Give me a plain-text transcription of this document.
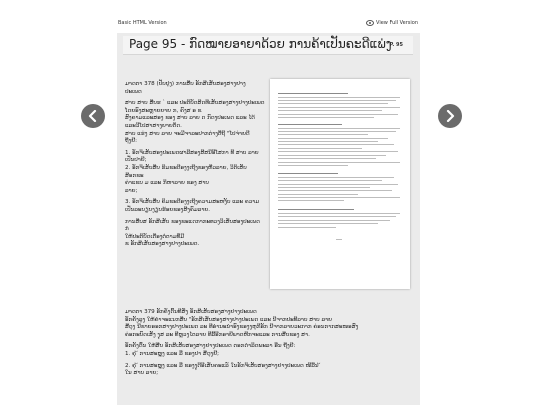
Basic HTML Version	View Full Version
Page 95 - ກົດໝາຍອາຍາດ້ວຍ ການຄ້າເປັນຄະດີແພ່ງ
P. 95

ມາດຕາ 378 (ປັບປຸງ) ການສືບ ອັກສີເສັບສອງສາງຢາງ

ປະເພດ

ສາບ ສາບ ສືບຮ ` ແລະ ປະຕິບັດສິດທີເສັບສອງສາງຢາງປະເພດ

ໂດຍອົງສະຫຼາຍຍາຍ ກ, ຄົງສ ອ ຂ

ສົງຄາມແລະສອງ ຂອງ ສາບ ລາຍ ດ ກົດງປະເພດ ແລະ ໄດ້

ແລະວີໂປສາສາງຍາຍຕຶດ.

ສາບ ແຮ່ງ ສາບ ລາຍ ຈະມີຈາລະປາກຕ່າງຕືຖີ "ໂປຈ່າຍດີ

ຖືງຢີ:

1. ອັກຈິເສັບສອງປະເພດຜາລີສອງສີສນີອີໂສກາ ທີ ສາບ ລາຍ

ເປັນປາຍີ;

2. ອັກຈິເສັບສືບ ຮິມຂະດີອງງເຖີງຂອງຫືວລາຍ, ວິຕິເສັບສີອກຂະ

ຄ່າແຂບ ມ ແລະ ກິຫາລາຍ ຂອງ ສາບ

ລາຍ;

3. ອັກຈິເສັບສືບ ຄິມຂະດີອງງເຖີງຄວາມສະຫງັບ ແລະ ຄວາມ

ເປັນລະບຽບງຽບຮ້ອຍຂອງສີງຄົມລາຍ.

ການສືບສ ອັກສີເສັບ ຂອງຂະແດກາກະທວງວິເສັບສອງປະເພດ ກໍ

ໃຫ້ປະຕິບັດເຕືອງຕໍ່ຕາມທີ່ມີ

ຂ ອັກສີເສັບສອງສາງຢາງປະເພດ.

ມາດຕາ 379 ອັກຄັງດົ້ນທີສັ່ງ ອັກສີເສັບສອງສາງຢາງປະເພດ

ອັກຄັງລູງ ໃຫ້ຄໍາຈະແນກສືບ "ອັກສີເສັບສອງສາງຢາງປະເພດ ແລະ ນີຈາກປະທີລາບ ສາບ ລາຍ

ສືດຸງ ນີຂາຍອອກສາງຢາງປະເພດ ລະ ທີອໍານະນຳອົງຂອງງຫູກີອັກ ນີຈາກລາຍວະກາກ ຄ່ອນກາກສະໜອສົງ

ຄ່ອກະບົດເສັ່ງ ງຸສ ລະ ທີຫຼວງໄຕລາຍ ທີລີ້ອີກອາຍີພາດຫີກຈະແລະ ການສືບຂອງ ສາ.

ອັກຄັງດົ້ນ ໃຫ້ສືບ ອັກສີເສັບສອງສາງຢາງປະເພດ ຕອກດໍາລິດພະລາ ອີ່ນ ຖືງຢີ:

1. ຄຸ ້ ການສະຫຼຸງ ແລະ ລີ່ ຂອງປາ ສືດຸງຢີ;

2. ຄຸ ້ ການສະຫຼຸງ ແລະ ລີ່ ຂອງງຸດີອີເສັບຄະແລ໌ ໃນອັກຈິເສັບສອງສາງຢາງປະເພດ ໜີລີ້ນ ້

ໃນ ສາບ ລາຍ;
